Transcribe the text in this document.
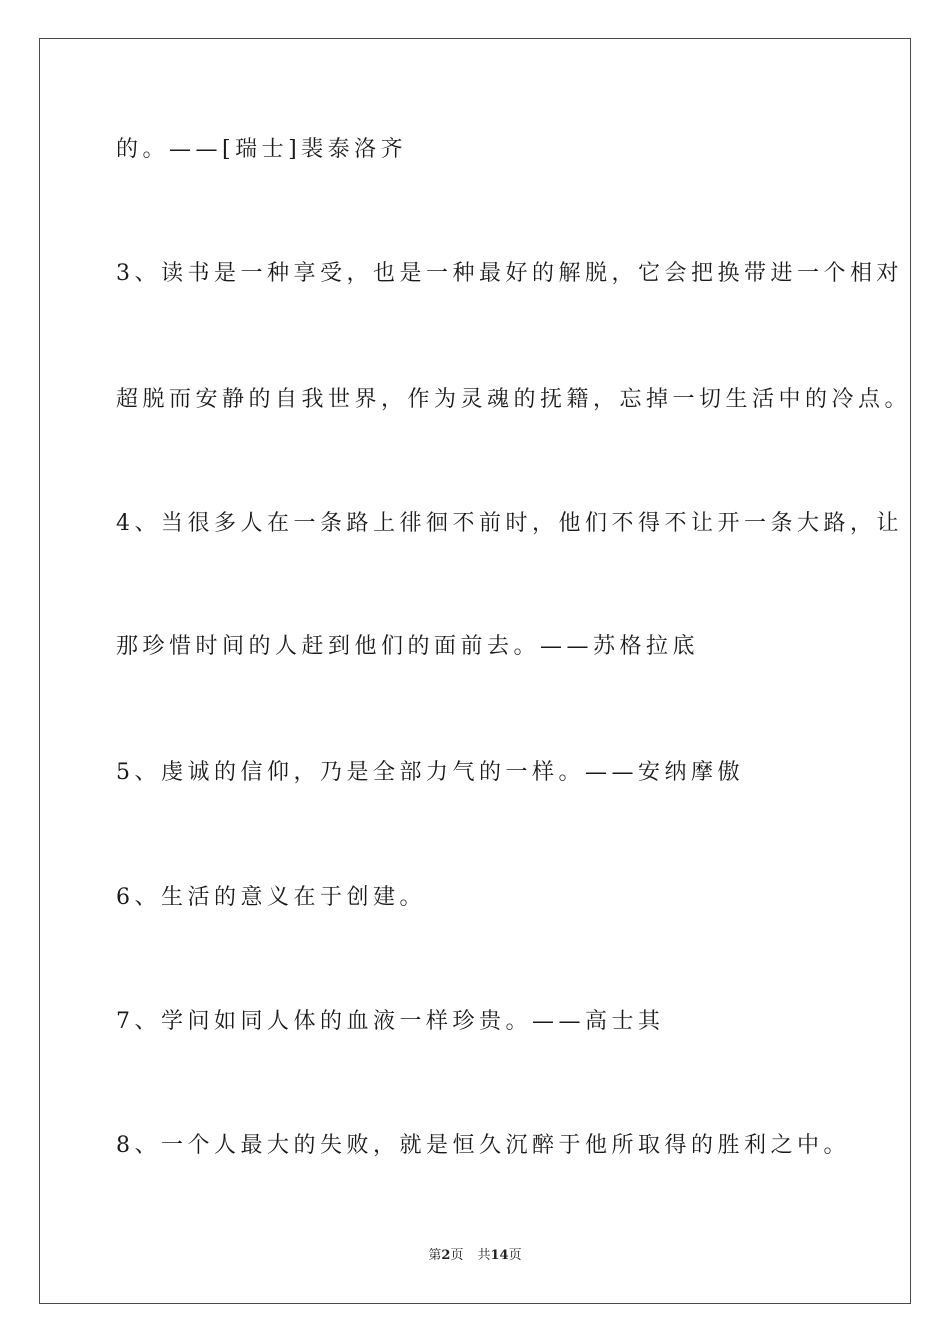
的。——[瑞士]裴泰洛齐
3、读书是一种享受，也是一种最好的解脱，它会把换带进一个相对
超脱而安静的自我世界，作为灵魂的抚籍，忘掉一切生活中的冷点。
4、当很多人在一条路上徘徊不前时，他们不得不让开一条大路，让
那珍惜时间的人赶到他们的面前去。——苏格拉底
5、虔诚的信仰，乃是全部力气的一样。——安纳摩傲
6、生活的意义在于创建。
7、学问如同人体的血液一样珍贵。——高士其
8、一个人最大的失败，就是恒久沉醉于他所取得的胜利之中。
第2页 共14页
